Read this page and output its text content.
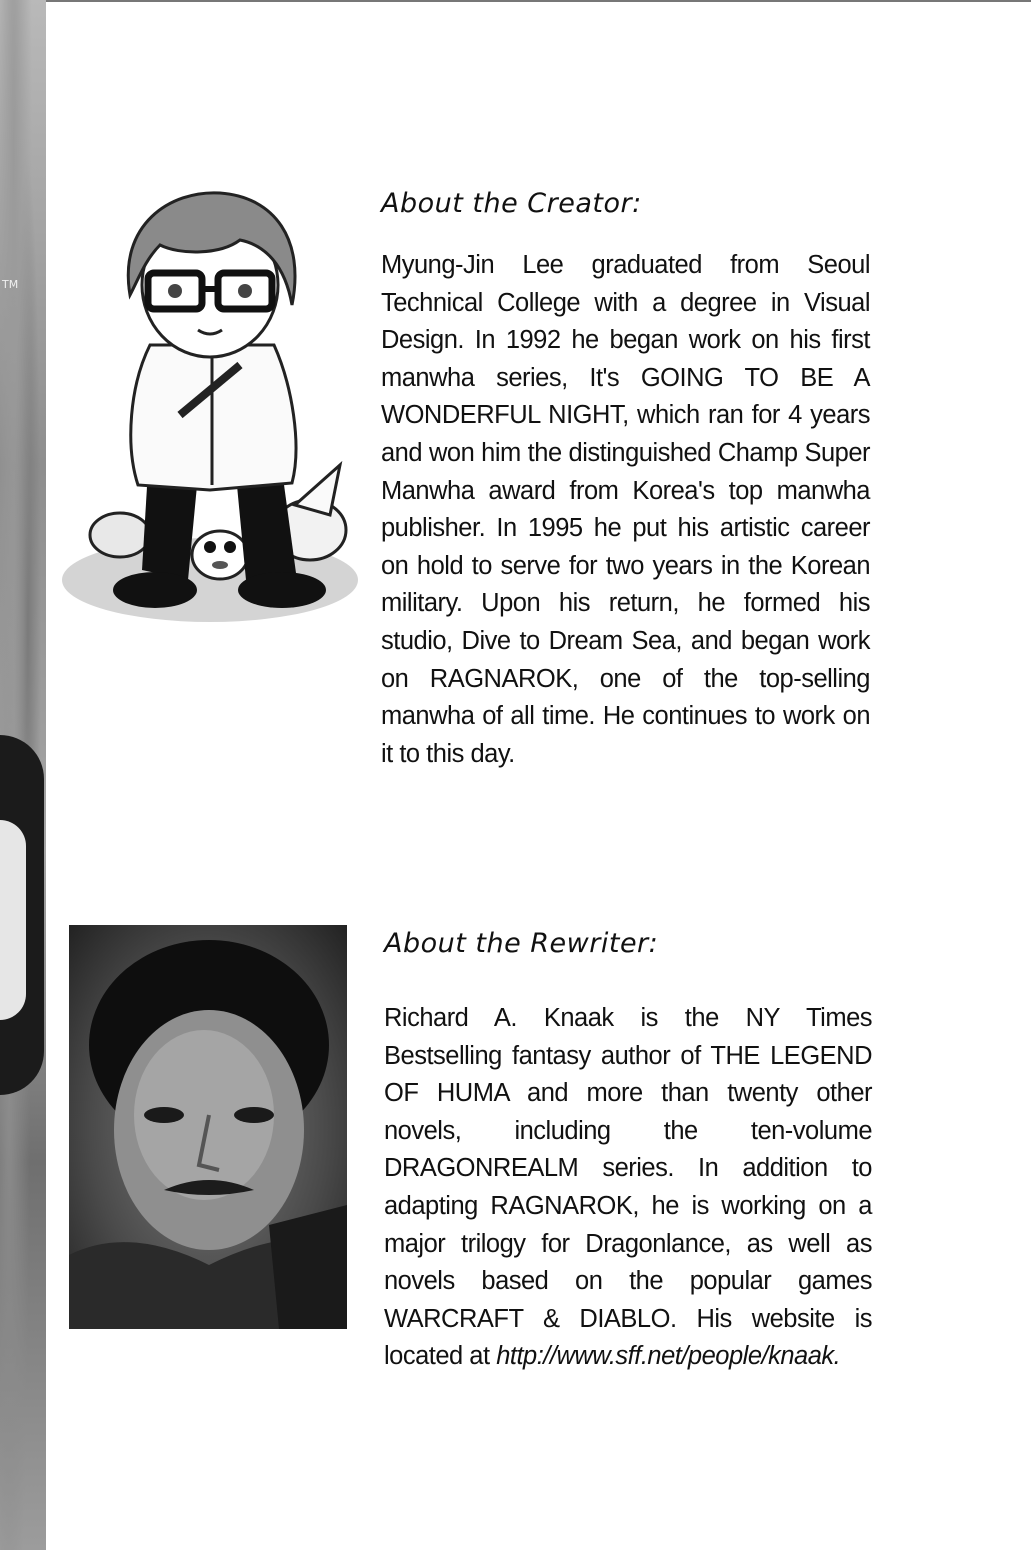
TM
About the Creator:

Myung-Jin Lee graduated from Seoul Technical College with a degree in Visual Design. In 1992 he began work on his first manwha series, It's GOING TO BE A WONDERFUL NIGHT, which ran for 4 years and won him the distinguished Champ Super Manwha award from Korea's top manwha publisher. In 1995 he put his artistic career on hold to serve for two years in the Korean military. Upon his return, he formed his studio, Dive to Dream Sea, and began work on RAGNAROK, one of the top-selling manwha of all time. He continues to work on it to this day.

About the Rewriter:

Richard A. Knaak is the NY Times Bestselling fantasy author of THE LEGEND OF HUMA and more than twenty other novels, including the ten-volume DRAGONREALM series. In addition to adapting RAGNAROK, he is working on a major trilogy for Dragonlance, as well as novels based on the popular games WARCRAFT & DIABLO. His website is located at http://www.sff.net/people/knaak.
